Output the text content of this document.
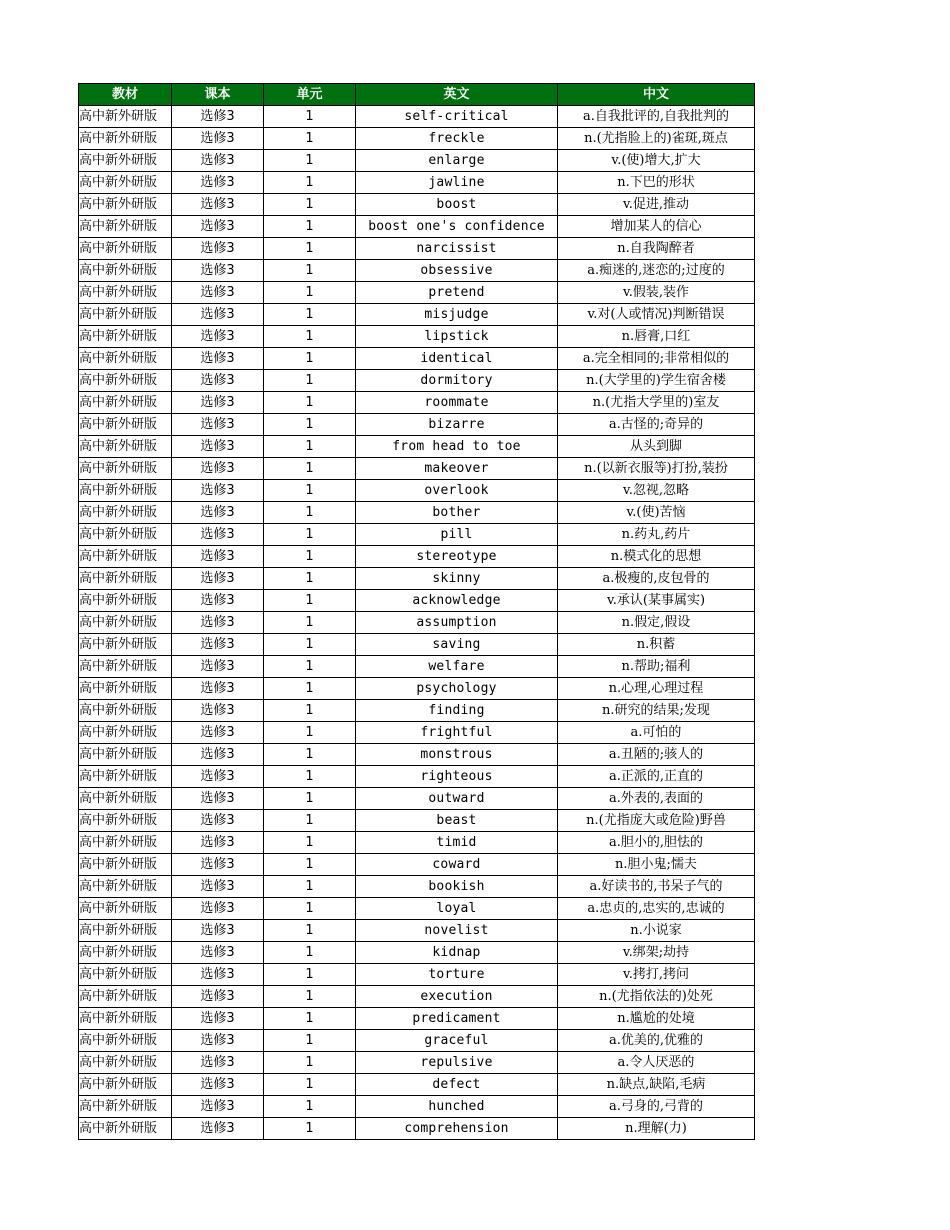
教材	课本	单元	英文	中文
高中新外研版	选修3	1	self-critical	a.自我批评的,自我批判的
高中新外研版	选修3	1	freckle	n.(尤指脸上的)雀斑,斑点
高中新外研版	选修3	1	enlarge	v.(使)增大,扩大
高中新外研版	选修3	1	jawline	n.下巴的形状
高中新外研版	选修3	1	boost	v.促进,推动
高中新外研版	选修3	1	boost one's confidence	增加某人的信心
高中新外研版	选修3	1	narcissist	n.自我陶醉者
高中新外研版	选修3	1	obsessive	a.痴迷的,迷恋的;过度的
高中新外研版	选修3	1	pretend	v.假装,装作
高中新外研版	选修3	1	misjudge	v.对(人或情况)判断错误
高中新外研版	选修3	1	lipstick	n.唇膏,口红
高中新外研版	选修3	1	identical	a.完全相同的;非常相似的
高中新外研版	选修3	1	dormitory	n.(大学里的)学生宿舍楼
高中新外研版	选修3	1	roommate	n.(尤指大学里的)室友
高中新外研版	选修3	1	bizarre	a.古怪的;奇异的
高中新外研版	选修3	1	from head to toe	从头到脚
高中新外研版	选修3	1	makeover	n.(以新衣服等)打扮,装扮
高中新外研版	选修3	1	overlook	v.忽视,忽略
高中新外研版	选修3	1	bother	v.(使)苦恼
高中新外研版	选修3	1	pill	n.药丸,药片
高中新外研版	选修3	1	stereotype	n.模式化的思想
高中新外研版	选修3	1	skinny	a.极瘦的,皮包骨的
高中新外研版	选修3	1	acknowledge	v.承认(某事属实)
高中新外研版	选修3	1	assumption	n.假定,假设
高中新外研版	选修3	1	saving	n.积蓄
高中新外研版	选修3	1	welfare	n.帮助;福利
高中新外研版	选修3	1	psychology	n.心理,心理过程
高中新外研版	选修3	1	finding	n.研究的结果;发现
高中新外研版	选修3	1	frightful	a.可怕的
高中新外研版	选修3	1	monstrous	a.丑陋的;骇人的
高中新外研版	选修3	1	righteous	a.正派的,正直的
高中新外研版	选修3	1	outward	a.外表的,表面的
高中新外研版	选修3	1	beast	n.(尤指庞大或危险)野兽
高中新外研版	选修3	1	timid	a.胆小的,胆怯的
高中新外研版	选修3	1	coward	n.胆小鬼;懦夫
高中新外研版	选修3	1	bookish	a.好读书的,书呆子气的
高中新外研版	选修3	1	loyal	a.忠贞的,忠实的,忠诚的
高中新外研版	选修3	1	novelist	n.小说家
高中新外研版	选修3	1	kidnap	v.绑架;劫持
高中新外研版	选修3	1	torture	v.拷打,拷问
高中新外研版	选修3	1	execution	n.(尤指依法的)处死
高中新外研版	选修3	1	predicament	n.尴尬的处境
高中新外研版	选修3	1	graceful	a.优美的,优雅的
高中新外研版	选修3	1	repulsive	a.令人厌恶的
高中新外研版	选修3	1	defect	n.缺点,缺陷,毛病
高中新外研版	选修3	1	hunched	a.弓身的,弓背的
高中新外研版	选修3	1	comprehension	n.理解(力)
